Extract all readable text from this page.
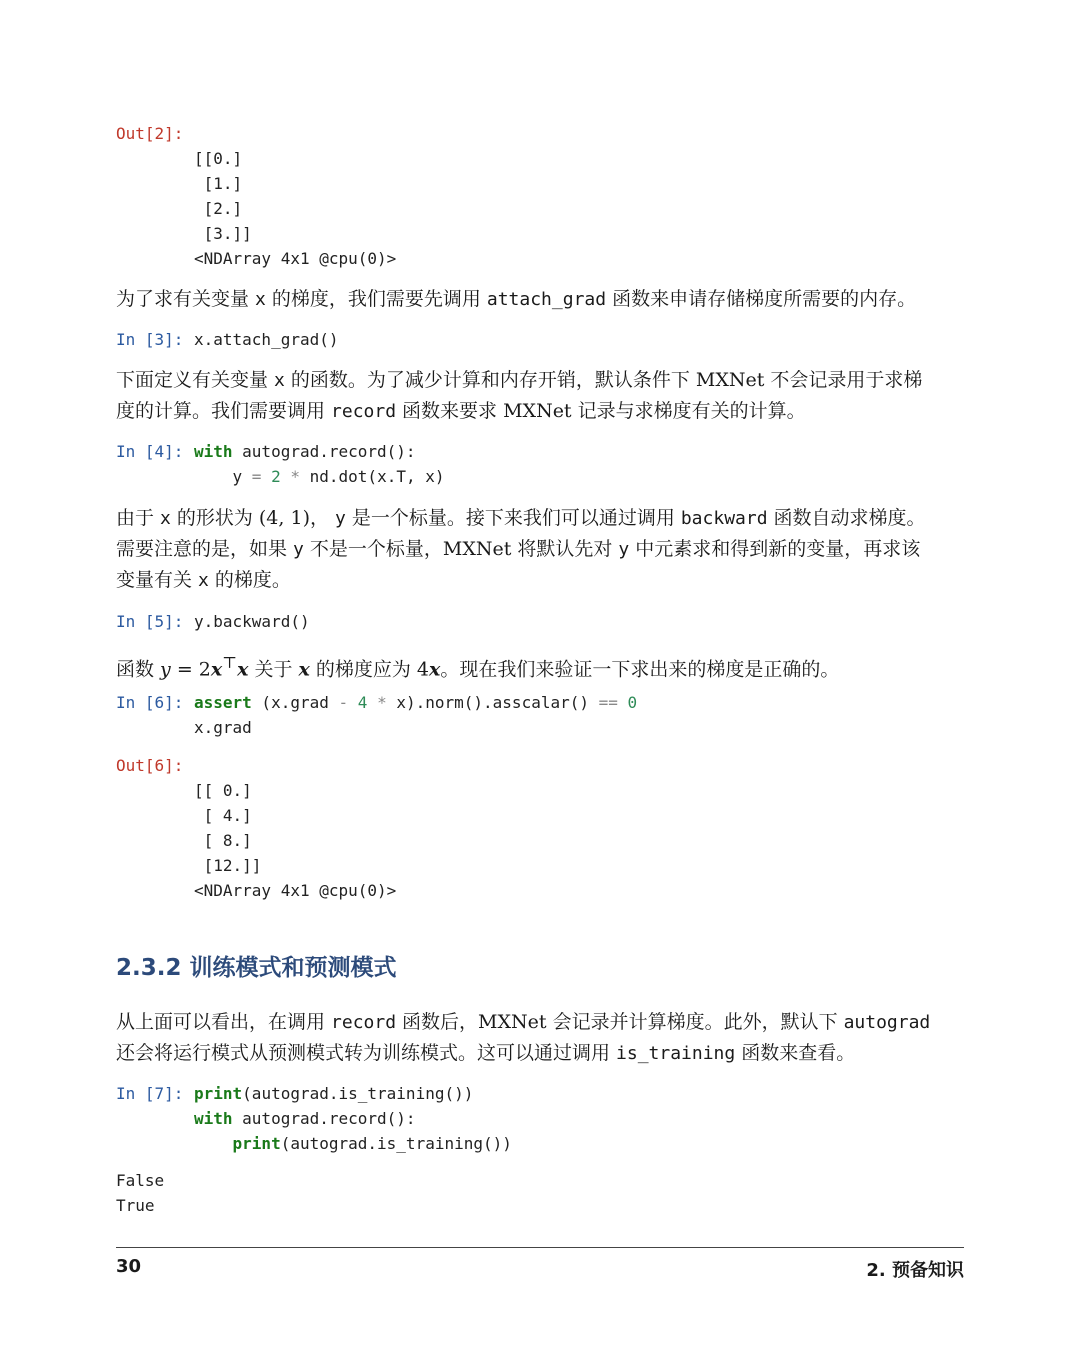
Out[2]:
[[0.]
[1.]
[2.]
[3.]]
<NDArray 4x1 @cpu(0)>
为了求有关变量 x 的梯度，我们需要先调用 attach_grad 函数来申请存储梯度所需要的内存。
In [3]: x.attach_grad()
下面定义有关变量 x 的函数。为了减少计算和内存开销，默认条件下 MXNet 不会记录用于求梯
度的计算。我们需要调用 record 函数来要求 MXNet 记录与求梯度有关的计算。
In [4]: with autograd.record():
y = 2 * nd.dot(x.T, x)
由于 x 的形状为 (4, 1)， y 是一个标量。接下来我们可以通过调用 backward 函数自动求梯度。
需要注意的是，如果 y 不是一个标量，MXNet 将默认先对 y 中元素求和得到新的变量，再求该
变量有关 x 的梯度。
In [5]: y.backward()
函数 y = 2x⊤x 关于 x 的梯度应为 4x。现在我们来验证一下求出来的梯度是正确的。
In [6]: assert (x.grad - 4 * x).norm().asscalar() == 0
x.grad
Out[6]:
[[ 0.]
[ 4.]
[ 8.]
[12.]]
<NDArray 4x1 @cpu(0)>
2.3.2 训练模式和预测模式
从上面可以看出，在调用 record 函数后，MXNet 会记录并计算梯度。此外，默认下 autograd
还会将运行模式从预测模式转为训练模式。这可以通过调用 is_training 函数来查看。
In [7]: print(autograd.is_training())
with autograd.record():
print(autograd.is_training())
False
True
30	2. 预备知识
